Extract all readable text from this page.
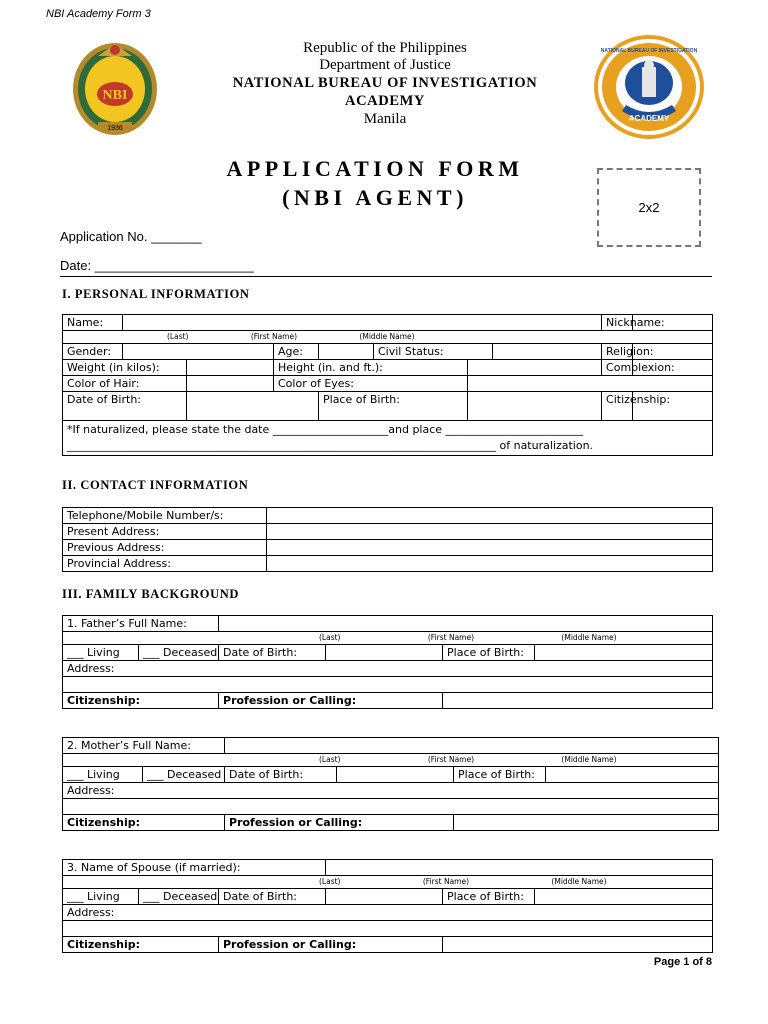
NBI Academy Form 3
NBI
1936
Republic of the Philippines
Department of Justice
NATIONAL BUREAU OF INVESTIGATION
ACADEMY
Manila	ACADEMY
NATIONAL BUREAU OF INVESTIGATION
APPLICATION FORM
(NBI AGENT)	2x2
Application No. _______
Date: ______________________
I. PERSONAL INFORMATION
Name:								Nickname:	
(Last) (First Name) (Middle Name)									
Gender:			Age:		Civil Status:			Religion:	
Weight (in kilos):			Height (in. and ft.):					Complexion:	
Color of Hair:			Color of Eyes:						
Date of Birth:				Place of Birth:				Citizenship:	

*If naturalized, please state the date _____________________and place _________________________
______________________________________________________________________________ of naturalization.									
II. CONTACT INFORMATION
Telephone/Mobile Number/s:	
Present Address:	
Previous Address:	
Provincial Address:	
III. FAMILY BACKGROUND
1. Father’s Full Name:					
(Last) (First Name) (Middle Name)					
___ Living	___ Deceased	Date of Birth:		Place of Birth:	
Address:					

Citizenship:		Profession or Calling:			
2. Mother’s Full Name:					
(Last) (First Name) (Middle Name)					
___ Living	___ Deceased	Date of Birth:		Place of Birth:	
Address:					

Citizenship:		Profession or Calling:			
3. Name of Spouse (if married):					
(Last) (First Name) (Middle Name)					
___ Living	___ Deceased	Date of Birth:		Place of Birth:	
Address:					

Citizenship:		Profession or Calling:			
Page 1 of 8
